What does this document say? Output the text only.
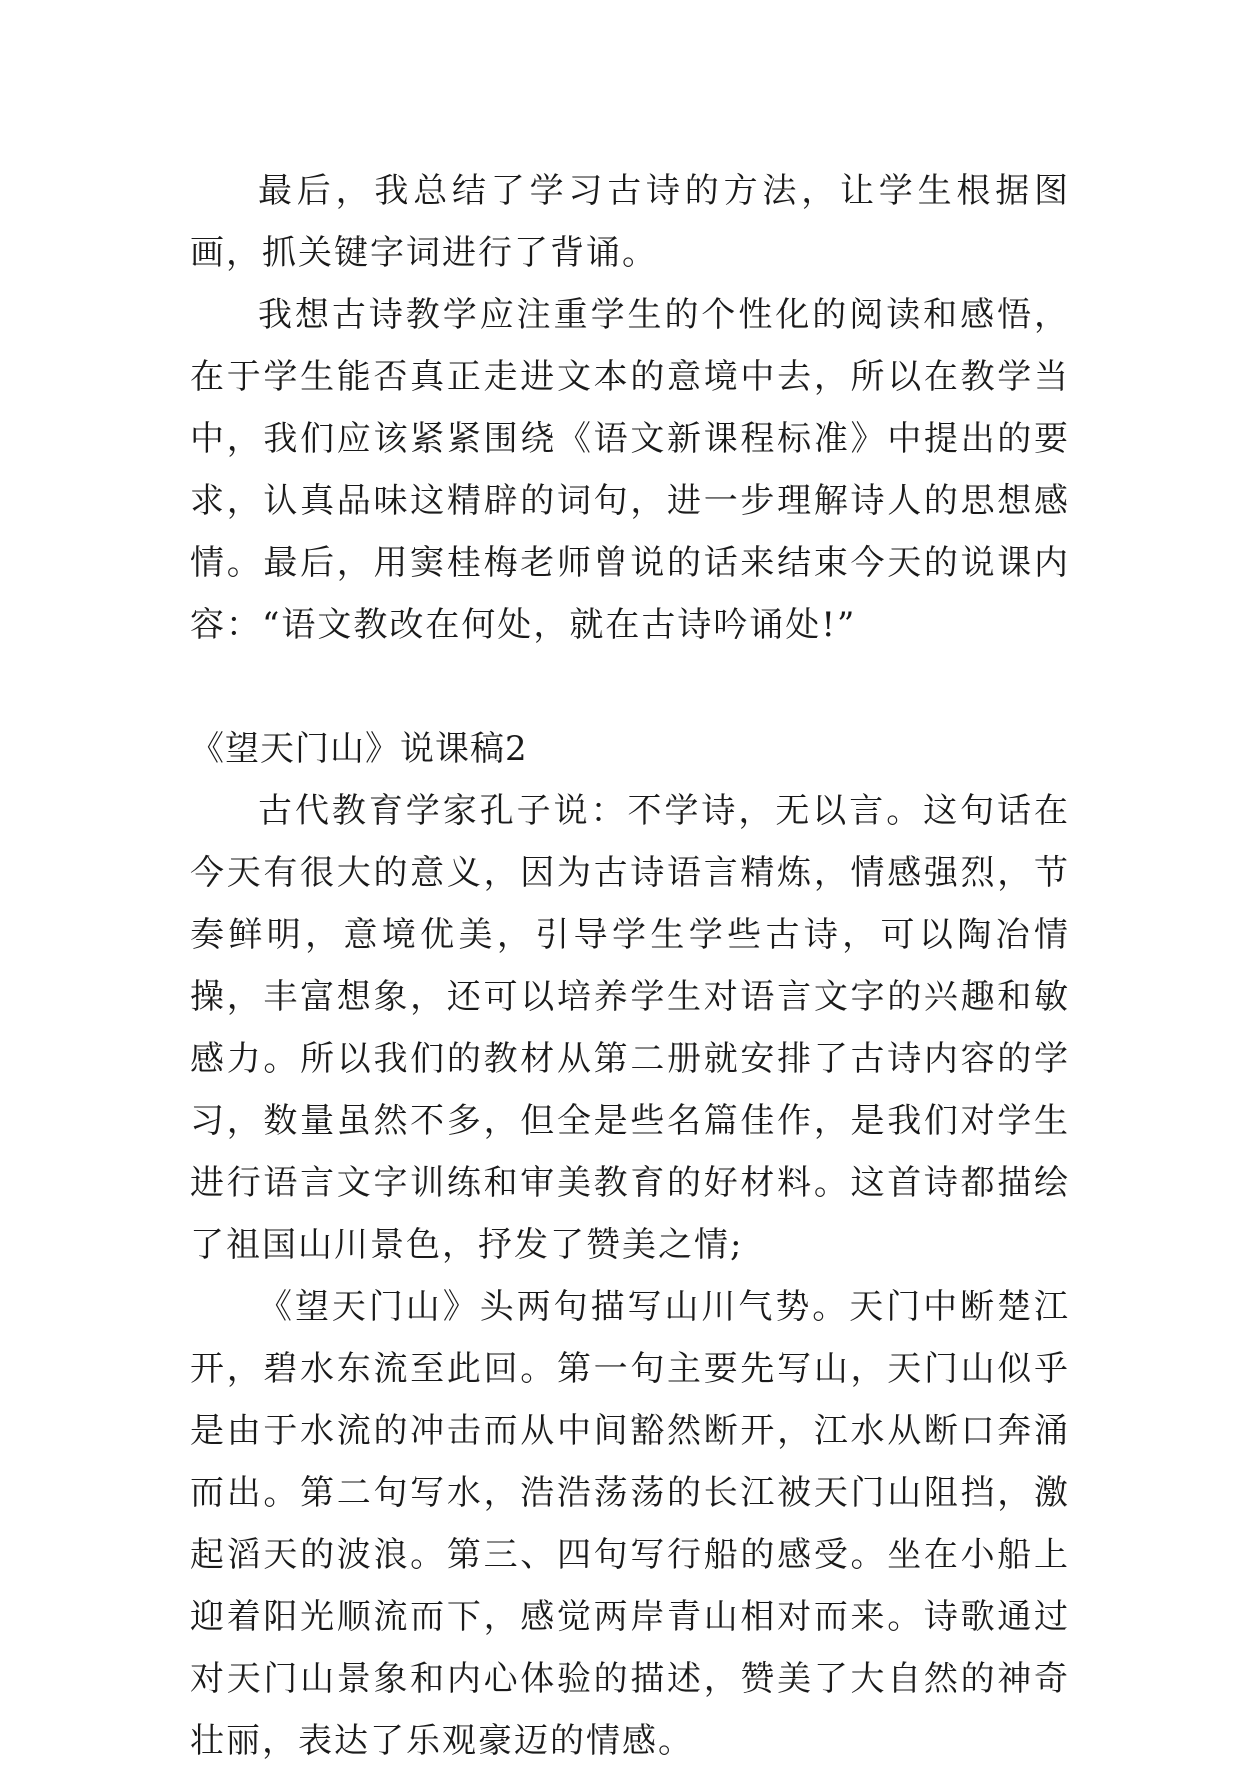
最后，我总结了学习古诗的方法，让学生根据图画，抓关键字词进行了背诵。

我想古诗教学应注重学生的个性化的阅读和感悟，在于学生能否真正走进文本的意境中去，所以在教学当中，我们应该紧紧围绕《语文新课程标准》中提出的要求，认真品味这精辟的词句，进一步理解诗人的思想感情。最后，用窦桂梅老师曾说的话来结束今天的说课内容：“语文教改在何处，就在古诗吟诵处!”

《望天门山》说课稿2

古代教育学家孔子说：不学诗，无以言。这句话在今天有很大的意义，因为古诗语言精炼，情感强烈，节奏鲜明，意境优美，引导学生学些古诗，可以陶冶情操，丰富想象，还可以培养学生对语言文字的兴趣和敏感力。所以我们的教材从第二册就安排了古诗内容的学习，数量虽然不多，但全是些名篇佳作，是我们对学生进行语言文字训练和审美教育的好材料。这首诗都描绘了祖国山川景色，抒发了赞美之情;

《望天门山》头两句描写山川气势。天门中断楚江开，碧水东流至此回。第一句主要先写山，天门山似乎是由于水流的冲击而从中间豁然断开，江水从断口奔涌而出。第二句写水，浩浩荡荡的长江被天门山阻挡，激起滔天的波浪。第三、四句写行船的感受。坐在小船上迎着阳光顺流而下，感觉两岸青山相对而来。诗歌通过对天门山景象和内心体验的描述，赞美了大自然的神奇壮丽，表达了乐观豪迈的情感。
